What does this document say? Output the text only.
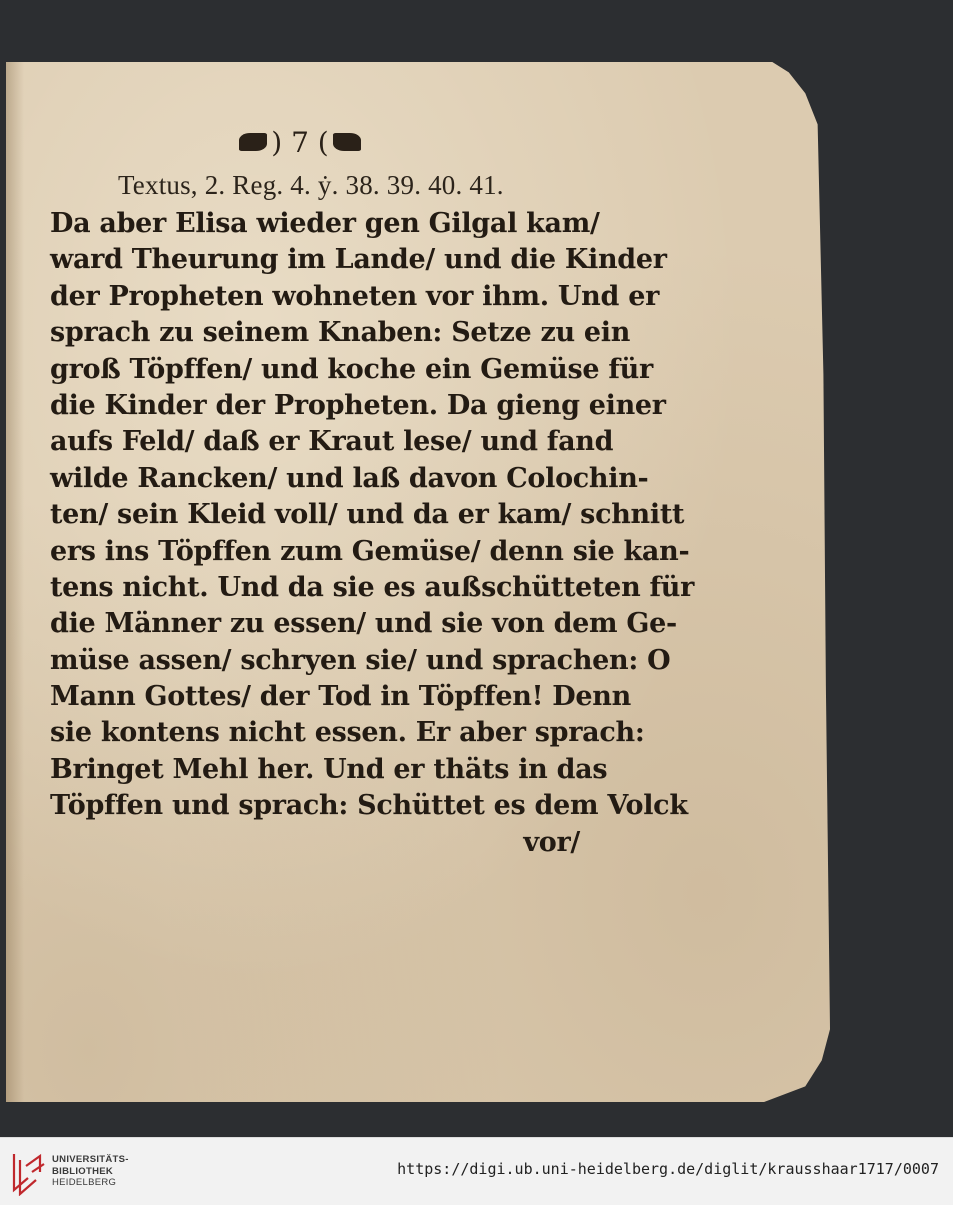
) 7 (
Textus, 2. Reg. 4. ẏ. 38. 39. 40. 41.
Da aber Elisa wieder gen Gilgal kam/
ward Theurung im Lande/ und die Kinder
der Propheten wohneten vor ihm. Und er
sprach zu seinem Knaben: Setze zu ein
groß Töpffen/ und koche ein Gemüse für
die Kinder der Propheten. Da gieng einer
aufs Feld/ daß er Kraut lese/ und fand
wilde Rancken/ und laß davon Colochin-
ten/ sein Kleid voll/ und da er kam/ schnitt
ers ins Töpffen zum Gemüse/ denn sie kan-
tens nicht. Und da sie es außschütteten für
die Männer zu essen/ und sie von dem Ge-
müse assen/ schryen sie/ und sprachen: O
Mann Gottes/ der Tod in Töpffen! Denn
sie kontens nicht essen. Er aber sprach:
Bringet Mehl her. Und er thäts in das
Töpffen und sprach: Schüttet es dem Volck
vor/
UNIVERSITÄTS-
BIBLIOTHEK
HEIDELBERG
https://digi.ub.uni-heidelberg.de/diglit/krausshaar1717/0007
